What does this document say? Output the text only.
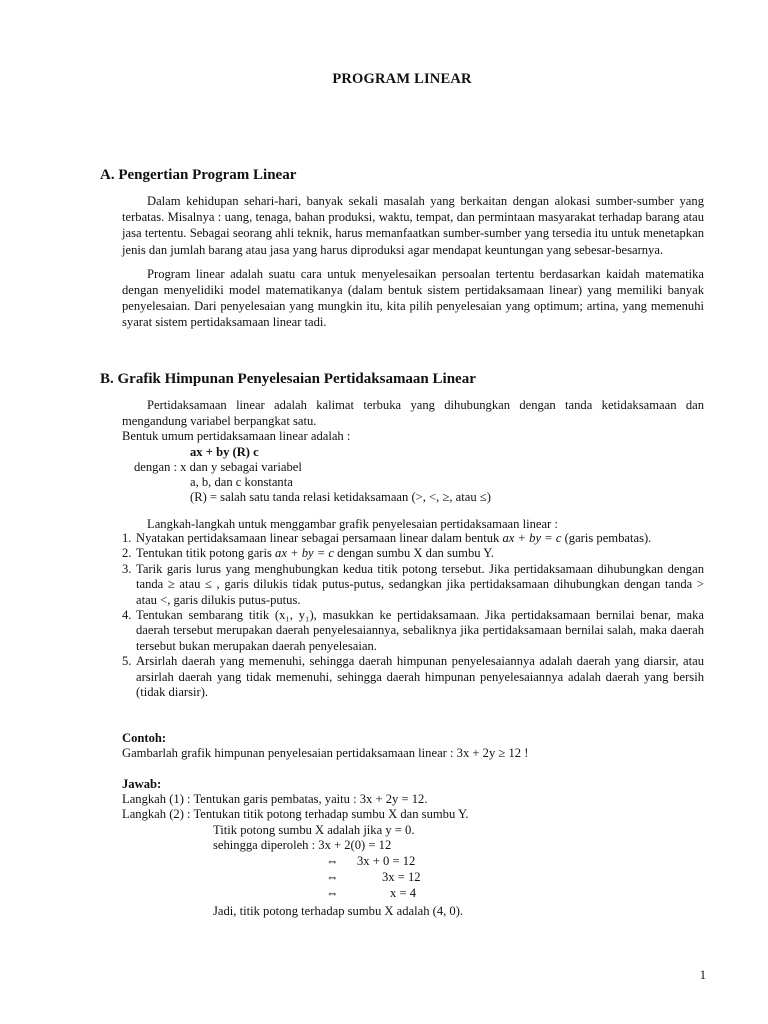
PROGRAM LINEAR
A. Pengertian Program Linear

Dalam kehidupan sehari-hari, banyak sekali masalah yang berkaitan dengan alokasi sumber-sumber yang terbatas. Misalnya : uang, tenaga, bahan produksi, waktu, tempat, dan permintaan masyarakat terhadap barang atau jasa tertentu. Sebagai seorang ahli teknik, harus memanfaatkan sumber-sumber yang tersedia itu untuk menetapkan jenis dan jumlah barang atau jasa yang harus diproduksi agar mendapat keuntungan yang sebesar-besarnya.

Program linear adalah suatu cara untuk menyelesaikan persoalan tertentu berdasarkan kaidah matematika dengan menyelidiki model matematikanya (dalam bentuk sistem pertidaksamaan linear) yang memiliki banyak penyelesaian. Dari penyelesaian yang mungkin itu, kita pilih penyelesaian yang optimum; artina, yang memenuhi syarat sistem pertidaksamaan linear tadi.

B. Grafik Himpunan Penyelesaian Pertidaksamaan Linear

Pertidaksamaan linear adalah kalimat terbuka yang dihubungkan dengan tanda ketidaksamaan dan mengandung variabel berpangkat satu.

Bentuk umum pertidaksamaan linear adalah :
ax + by (R) c
dengan : x dan y sebagai variabel
a, b, dan c konstanta
(R) = salah satu tanda relasi ketidaksamaan (>, <, ≥, atau ≤)
Langkah-langkah untuk menggambar grafik penyelesaian pertidaksamaan linear :
1. Nyatakan pertidaksamaan linear sebagai persamaan linear dalam bentuk ax + by = c (garis pembatas).
2. Tentukan titik potong garis ax + by = c dengan sumbu X dan sumbu Y.
3. Tarik garis lurus yang menghubungkan kedua titik potong tersebut. Jika pertidaksamaan dihubungkan dengan tanda ≥ atau ≤ , garis dilukis tidak putus-putus, sedangkan jika pertidaksamaan dihubungkan dengan tanda > atau <, garis dilukis putus-putus.
4. Tentukan sembarang titik (x₁, y₁), masukkan ke pertidaksamaan. Jika pertidaksamaan bernilai benar, maka daerah tersebut merupakan daerah penyelesaiannya, sebaliknya jika pertidaksamaan bernilai salah, maka daerah tersebut bukan merupakan daerah penyelesaian.
5. Arsirlah daerah yang memenuhi, sehingga daerah himpunan penyelesaiannya adalah daerah yang diarsir, atau arsirlah daerah yang tidak memenuhi, sehingga daerah himpunan penyelesaiannya adalah daerah yang bersih (tidak diarsir).
Contoh:
Gambarlah grafik himpunan penyelesaian pertidaksamaan linear : 3x + 2y ≥ 12 !
Jawab:
Langkah (1) : Tentukan garis pembatas, yaitu : 3x + 2y = 12.
Langkah (2) : Tentukan titik potong terhadap sumbu X dan sumbu Y.
Titik potong sumbu X adalah jika y = 0.
sehingga diperoleh : 3x + 2(0) = 12
⇔ 3x + 0 = 12
⇔	3x = 12
⇔	x = 4
Jadi, titik potong terhadap sumbu X adalah (4, 0).
1
